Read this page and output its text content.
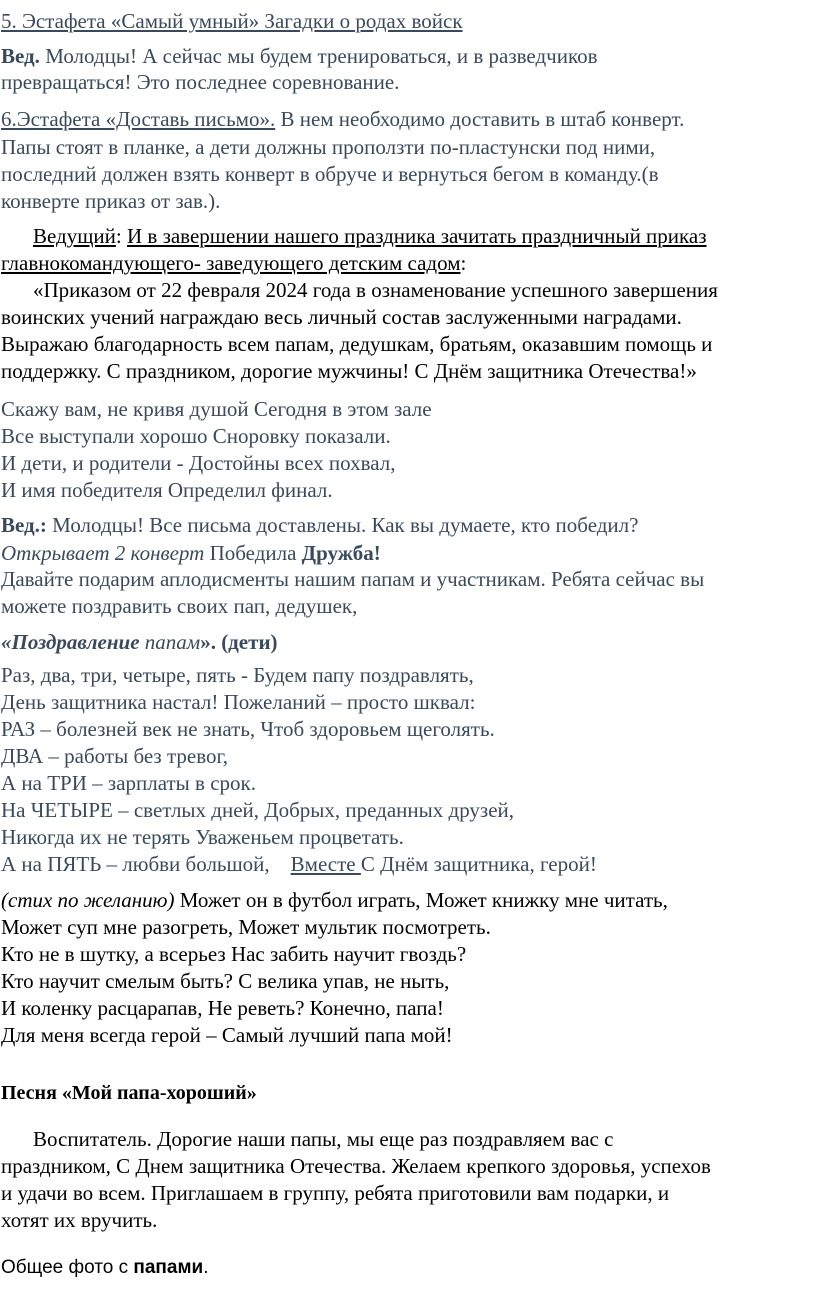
5. Эстафета «Самый умный» Загадки о родах войск
Вед. Молодцы! А сейчас мы будем тренироваться, и в разведчиков
превращаться! Это последнее соревнование.
6.Эстафета «Доставь письмо». В нем необходимо доставить в штаб конверт.
Папы стоят в планке, а дети должны проползти по-пластунски под ними,
последний должен взять конверт в обруче и вернуться бегом в команду.(в
конверте приказ от зав.).
Ведущий: И в завершении нашего праздника зачитать праздничный приказ
главнокомандующего- заведующего детским садом:
«Приказом от 22 февраля 2024 года в ознаменование успешного завершения
воинских учений награждаю весь личный состав заслуженными наградами.
Выражаю благодарность всем папам, дедушкам, братьям, оказавшим помощь и
поддержку. С праздником, дорогие мужчины! С Днём защитника Отечества!»
Скажу вам, не кривя душой Сегодня в этом зале
Все выступали хорошо Сноровку показали.
И дети, и родители - Достойны всех похвал,
И имя победителя Определил финал.
Вед.: Молодцы! Все письма доставлены. Как вы думаете, кто победил?
Открывает 2 конверт Победила Дружба!
Давайте подарим аплодисменты нашим папам и участникам. Ребята сейчас вы
можете поздравить своих пап, дедушек,
«Поздравление папам». (дети)
Раз, два, три, четыре, пять - Будем папу поздравлять,
День защитника настал! Пожеланий – просто шквал:
РАЗ – болезней век не знать, Чтоб здоровьем щеголять.
ДВА – работы без тревог,
А на ТРИ – зарплаты в срок.
На ЧЕТЫРЕ – светлых дней, Добрых, преданных друзей,
Никогда их не терять Уваженьем процветать.
А на ПЯТЬ – любви большой,    Вместе С Днём защитника, герой!
(стих по желанию) Может он в футбол играть, Может книжку мне читать,
Может суп мне разогреть, Может мультик посмотреть.
Кто не в шутку, а всерьез Нас забить научит гвоздь?
Кто научит смелым быть? С велика упав, не ныть,
И коленку расцарапав, Не реветь? Конечно, папа!
Для меня всегда герой – Самый лучший папа мой!
Песня «Мой папа-хороший»
Воспитатель. Дорогие наши папы, мы еще раз поздравляем вас с
праздником, С Днем защитника Отечества. Желаем крепкого здоровья, успехов
и удачи во всем. Приглашаем в группу, ребята приготовили вам подарки, и
хотят их вручить.
Общее фото с папами.
